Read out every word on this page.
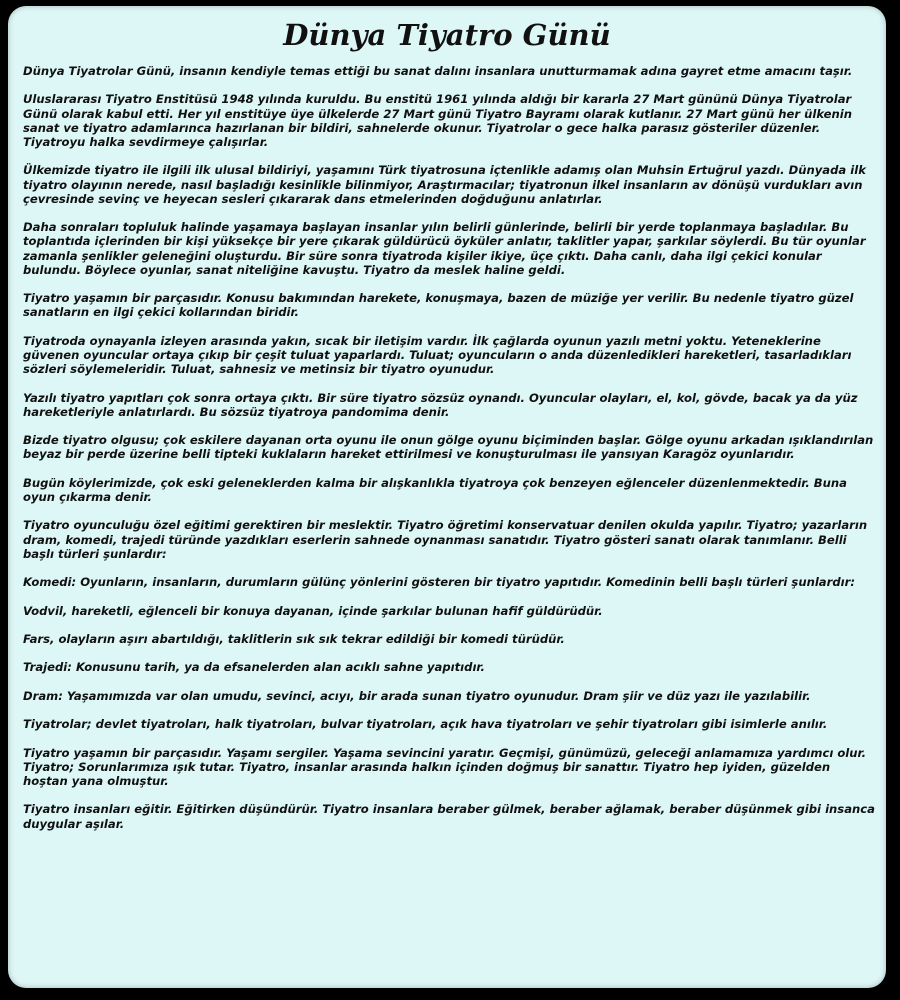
Dünya Tiyatro Günü

Dünya Tiyatrolar Günü, insanın kendiyle temas ettiği bu sanat dalını insanlara unutturmamak adına gayret etme amacını taşır.

Uluslararası Tiyatro Enstitüsü 1948 yılında kuruldu. Bu enstitü 1961 yılında aldığı bir kararla 27 Mart gününü Dünya Tiyatrolar Günü olarak kabul etti. Her yıl enstitüye üye ülkelerde 27 Mart günü Tiyatro Bayramı olarak kutlanır. 27 Mart günü her ülkenin sanat ve tiyatro adamlarınca hazırlanan bir bildiri, sahnelerde okunur. Tiyatrolar o gece halka parasız gösteriler düzenler. Tiyatroyu halka sevdirmeye çalışırlar.

Ülkemizde tiyatro ile ilgili ilk ulusal bildiriyi, yaşamını Türk tiyatrosuna içtenlikle adamış olan Muhsin Ertuğrul yazdı. Dünyada ilk tiyatro olayının nerede, nasıl başladığı kesinlikle bilinmiyor, Araştırmacılar; tiyatronun ilkel insanların av dönüşü vurdukları avın çevresinde sevinç ve heyecan sesleri çıkararak dans etmelerinden doğduğunu anlatırlar.

Daha sonraları topluluk halinde yaşamaya başlayan insanlar yılın belirli günlerinde, belirli bir yerde toplanmaya başladılar. Bu toplantıda içlerinden bir kişi yüksekçe bir yere çıkarak güldürücü öyküler anlatır, taklitler yapar, şarkılar söylerdi. Bu tür oyunlar zamanla şenlikler geleneğini oluşturdu. Bir süre sonra tiyatroda kişiler ikiye, üçe çıktı. Daha canlı, daha ilgi çekici konular bulundu. Böylece oyunlar, sanat niteliğine kavuştu. Tiyatro da meslek haline geldi.

Tiyatro yaşamın bir parçasıdır. Konusu bakımından harekete, konuşmaya, bazen de müziğe yer verilir. Bu nedenle tiyatro güzel sanatların en ilgi çekici kollarından biridir.

Tiyatroda oynayanla izleyen arasında yakın, sıcak bir iletişim vardır. İlk çağlarda oyunun yazılı metni yoktu. Yeteneklerine güvenen oyuncular ortaya çıkıp bir çeşit tuluat yaparlardı. Tuluat; oyuncuların o anda düzenledikleri hareketleri, tasarladıkları sözleri söylemeleridir. Tuluat, sahnesiz ve metinsiz bir tiyatro oyunudur.

Yazılı tiyatro yapıtları çok sonra ortaya çıktı. Bir süre tiyatro sözsüz oynandı. Oyuncular olayları, el, kol, gövde, bacak ya da yüz hareketleriyle anlatırlardı. Bu sözsüz tiyatroya pandomima denir.

Bizde tiyatro olgusu; çok eskilere dayanan orta oyunu ile onun gölge oyunu biçiminden başlar. Gölge oyunu arkadan ışıklandırılan beyaz bir perde üzerine belli tipteki kuklaların hareket ettirilmesi ve konuşturulması ile yansıyan Karagöz oyunlarıdır.

Bugün köylerimizde, çok eski geleneklerden kalma bir alışkanlıkla tiyatroya çok benzeyen eğlenceler düzenlenmektedir. Buna oyun çıkarma denir.

Tiyatro oyunculuğu özel eğitimi gerektiren bir meslektir. Tiyatro öğretimi konservatuar denilen okulda yapılır. Tiyatro; yazarların dram, komedi, trajedi türünde yazdıkları eserlerin sahnede oynanması sanatıdır. Tiyatro gösteri sanatı olarak tanımlanır. Belli başlı türleri şunlardır:

Komedi: Oyunların, insanların, durumların gülünç yönlerini gösteren bir tiyatro yapıtıdır. Komedinin belli başlı türleri şunlardır:

Vodvil, hareketli, eğlenceli bir konuya dayanan, içinde şarkılar bulunan hafif güldürüdür.

Fars, olayların aşırı abartıldığı, taklitlerin sık sık tekrar edildiği bir komedi türüdür.

Trajedi: Konusunu tarih, ya da efsanelerden alan acıklı sahne yapıtıdır.

Dram: Yaşamımızda var olan umudu, sevinci, acıyı, bir arada sunan tiyatro oyunudur. Dram şiir ve düz yazı ile yazılabilir.

Tiyatrolar; devlet tiyatroları, halk tiyatroları, bulvar tiyatroları, açık hava tiyatroları ve şehir tiyatroları gibi isimlerle anılır.

Tiyatro yaşamın bir parçasıdır. Yaşamı sergiler. Yaşama sevincini yaratır. Geçmişi, günümüzü, geleceği anlamamıza yardımcı olur. Tiyatro; Sorunlarımıza ışık tutar. Tiyatro, insanlar arasında halkın içinden doğmuş bir sanattır. Tiyatro hep iyiden, güzelden hoştan yana olmuştur.

Tiyatro insanları eğitir. Eğitirken düşündürür. Tiyatro insanlara beraber gülmek, beraber ağlamak, beraber düşünmek gibi insanca duygular aşılar.
